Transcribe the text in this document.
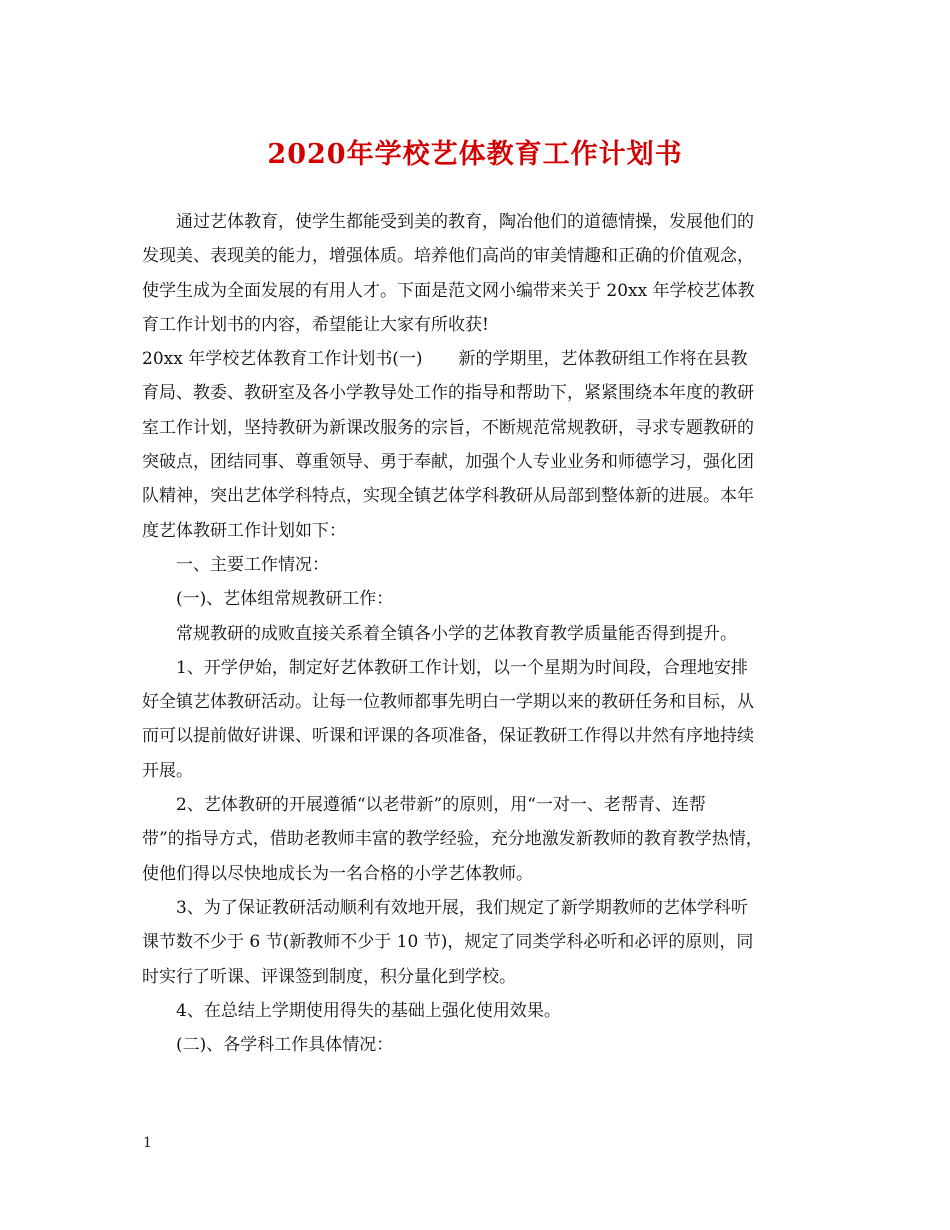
2020年学校艺体教育工作计划书
通过艺体教育，使学生都能受到美的教育，陶冶他们的道德情操，发展他们的
发现美、表现美的能力，增强体质。培养他们高尚的审美情趣和正确的价值观念，
使学生成为全面发展的有用人才。下面是范文网小编带来关于 20xx 年学校艺体教
育工作计划书的内容，希望能让大家有所收获!
20xx 年学校艺体教育工作计划书(一) 新的学期里，艺体教研组工作将在县教
育局、教委、教研室及各小学教导处工作的指导和帮助下，紧紧围绕本年度的教研
室工作计划，坚持教研为新课改服务的宗旨，不断规范常规教研，寻求专题教研的
突破点，团结同事、尊重领导、勇于奉献，加强个人专业业务和师德学习，强化团
队精神，突出艺体学科特点，实现全镇艺体学科教研从局部到整体新的进展。本年
度艺体教研工作计划如下：
一、主要工作情况：
(一)、艺体组常规教研工作：
常规教研的成败直接关系着全镇各小学的艺体教育教学质量能否得到提升。
1、开学伊始，制定好艺体教研工作计划，以一个星期为时间段，合理地安排
好全镇艺体教研活动。让每一位教师都事先明白一学期以来的教研任务和目标，从
而可以提前做好讲课、听课和评课的各项准备，保证教研工作得以井然有序地持续
开展。
2、艺体教研的开展遵循“以老带新”的原则，用“一对一、老帮青、连帮
带”的指导方式，借助老教师丰富的教学经验，充分地激发新教师的教育教学热情，
使他们得以尽快地成长为一名合格的小学艺体教师。
3、为了保证教研活动顺利有效地开展，我们规定了新学期教师的艺体学科听
课节数不少于 6 节(新教师不少于 10 节)，规定了同类学科必听和必评的原则，同
时实行了听课、评课签到制度，积分量化到学校。
4、在总结上学期使用得失的基础上强化使用效果。
(二)、各学科工作具体情况：
1
